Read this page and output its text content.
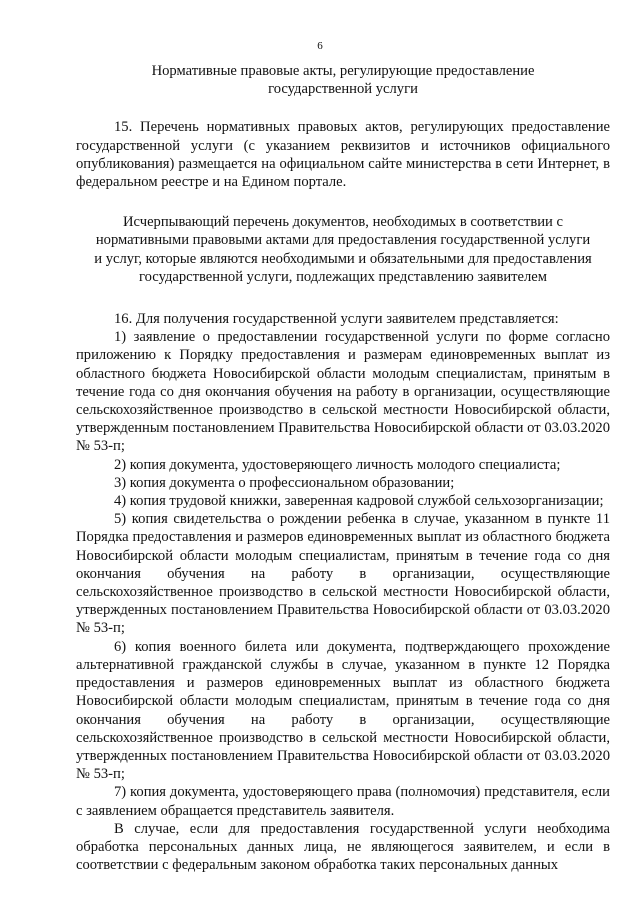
6

Нормативные правовые акты, регулирующие предоставление государственной услуги

15. Перечень нормативных правовых актов, регулирующих предоставление государственной услуги (с указанием реквизитов и источников официального опубликования) размещается на официальном сайте министерства в сети Интернет, в федеральном реестре и на Едином портале.

Исчерпывающий перечень документов, необходимых в соответствии с нормативными правовыми актами для предоставления государственной услуги и услуг, которые являются необходимыми и обязательными для предоставления государственной услуги, подлежащих представлению заявителем

16. Для получения государственной услуги заявителем представляется:

1) заявление о предоставлении государственной услуги по форме согласно приложению к Порядку предоставления и размерам единовременных выплат из областного бюджета Новосибирской области молодым специалистам, принятым в течение года со дня окончания обучения на работу в организации, осуществляющие сельскохозяйственное производство в сельской местности Новосибирской области, утвержденным постановлением Правительства Новосибирской области от 03.03.2020 № 53-п;

2) копия документа, удостоверяющего личность молодого специалиста;

3) копия документа о профессиональном образовании;

4) копия трудовой книжки, заверенная кадровой службой сельхозорганизации;

5) копия свидетельства о рождении ребенка в случае, указанном в пункте 11 Порядка предоставления и размеров единовременных выплат из областного бюджета Новосибирской области молодым специалистам, принятым в течение года со дня окончания обучения на работу в организации, осуществляющие сельскохозяйственное производство в сельской местности Новосибирской области, утвержденных постановлением Правительства Новосибирской области от 03.03.2020 № 53-п;

6) копия военного билета или документа, подтверждающего прохождение альтернативной гражданской службы в случае, указанном в пункте 12 Порядка предоставления и размеров единовременных выплат из областного бюджета Новосибирской области молодым специалистам, принятым в течение года со дня окончания обучения на работу в организации, осуществляющие сельскохозяйственное производство в сельской местности Новосибирской области, утвержденных постановлением Правительства Новосибирской области от 03.03.2020 № 53-п;

7) копия документа, удостоверяющего права (полномочия) представителя, если с заявлением обращается представитель заявителя.

В случае, если для предоставления государственной услуги необходима обработка персональных данных лица, не являющегося заявителем, и если в соответствии с федеральным законом обработка таких персональных данных
